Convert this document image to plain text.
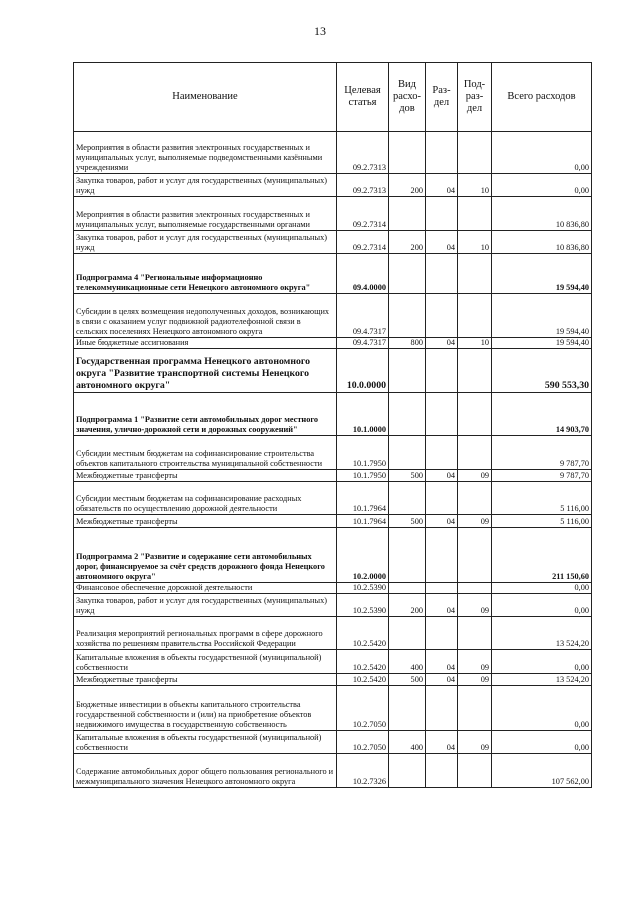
13
Наименование	Целевая статья	Вид расхо-дов	Раз-дел	Под-раз-дел	Всего расходов
Мероприятия в области развития электронных государственных и муниципальных услуг, выполняемые подведомственными казёнными учреждениями	09.2.7313				0,00
Закупка товаров, работ и услуг для государственных (муниципальных) нужд	09.2.7313	200	04	10	0,00
Мероприятия в области развития электронных государственных и муниципальных услуг, выполняемые государственными органами	09.2.7314				10 836,80
Закупка товаров, работ и услуг для государственных (муниципальных) нужд	09.2.7314	200	04	10	10 836,80
Подпрограмма 4 "Региональные информационно телекоммуникационные сети Ненецкого автономного округа"	09.4.0000				19 594,40
Субсидии в целях возмещения недополученных доходов, возникающих в связи с оказанием услуг подвижной радиотелефонной связи в сельских поселениях Ненецкого автономного округа	09.4.7317				19 594,40
Иные бюджетные ассигнования	09.4.7317	800	04	10	19 594,40
Государственная программа Ненецкого автономного округа "Развитие транспортной системы Ненецкого автономного округа"	10.0.0000				590 553,30
Подпрограмма 1 "Развитие сети автомобильных дорог местного значения, улично-дорожной сети и дорожных сооружений"	10.1.0000				14 903,70
Субсидии местным бюджетам на софинансирование строительства объектов капитального строительства муниципальной собственности	10.1.7950				9 787,70
Межбюджетные трансферты	10.1.7950	500	04	09	9 787,70
Субсидии местным бюджетам на софинансирование расходных обязательств по осуществлению дорожной деятельности	10.1.7964				5 116,00
Межбюджетные трансферты	10.1.7964	500	04	09	5 116,00
Подпрограмма 2 "Развитие и содержание сети автомобильных дорог, финансируемое за счёт средств дорожного фонда Ненецкого автономного округа"	10.2.0000				211 150,60
Финансовое обеспечение дорожной деятельности	10.2.5390				0,00
Закупка товаров, работ и услуг для государственных (муниципальных) нужд	10.2.5390	200	04	09	0,00
Реализация мероприятий региональных программ в сфере дорожного хозяйства по решениям правительства Российской Федерации	10.2.5420				13 524,20
Капитальные вложения в объекты государственной (муниципальной) собственности	10.2.5420	400	04	09	0,00
Межбюджетные трансферты	10.2.5420	500	04	09	13 524,20
Бюджетные инвестиции в объекты капитального строительства государственной собственности и (или) на приобретение объектов недвижимого имущества в государственную собственность	10.2.7050				0,00
Капитальные вложения в объекты государственной (муниципальной) собственности	10.2.7050	400	04	09	0,00
Содержание автомобильных дорог общего пользования регионального и межмуниципального значения Ненецкого автономного округа	10.2.7326				107 562,00
